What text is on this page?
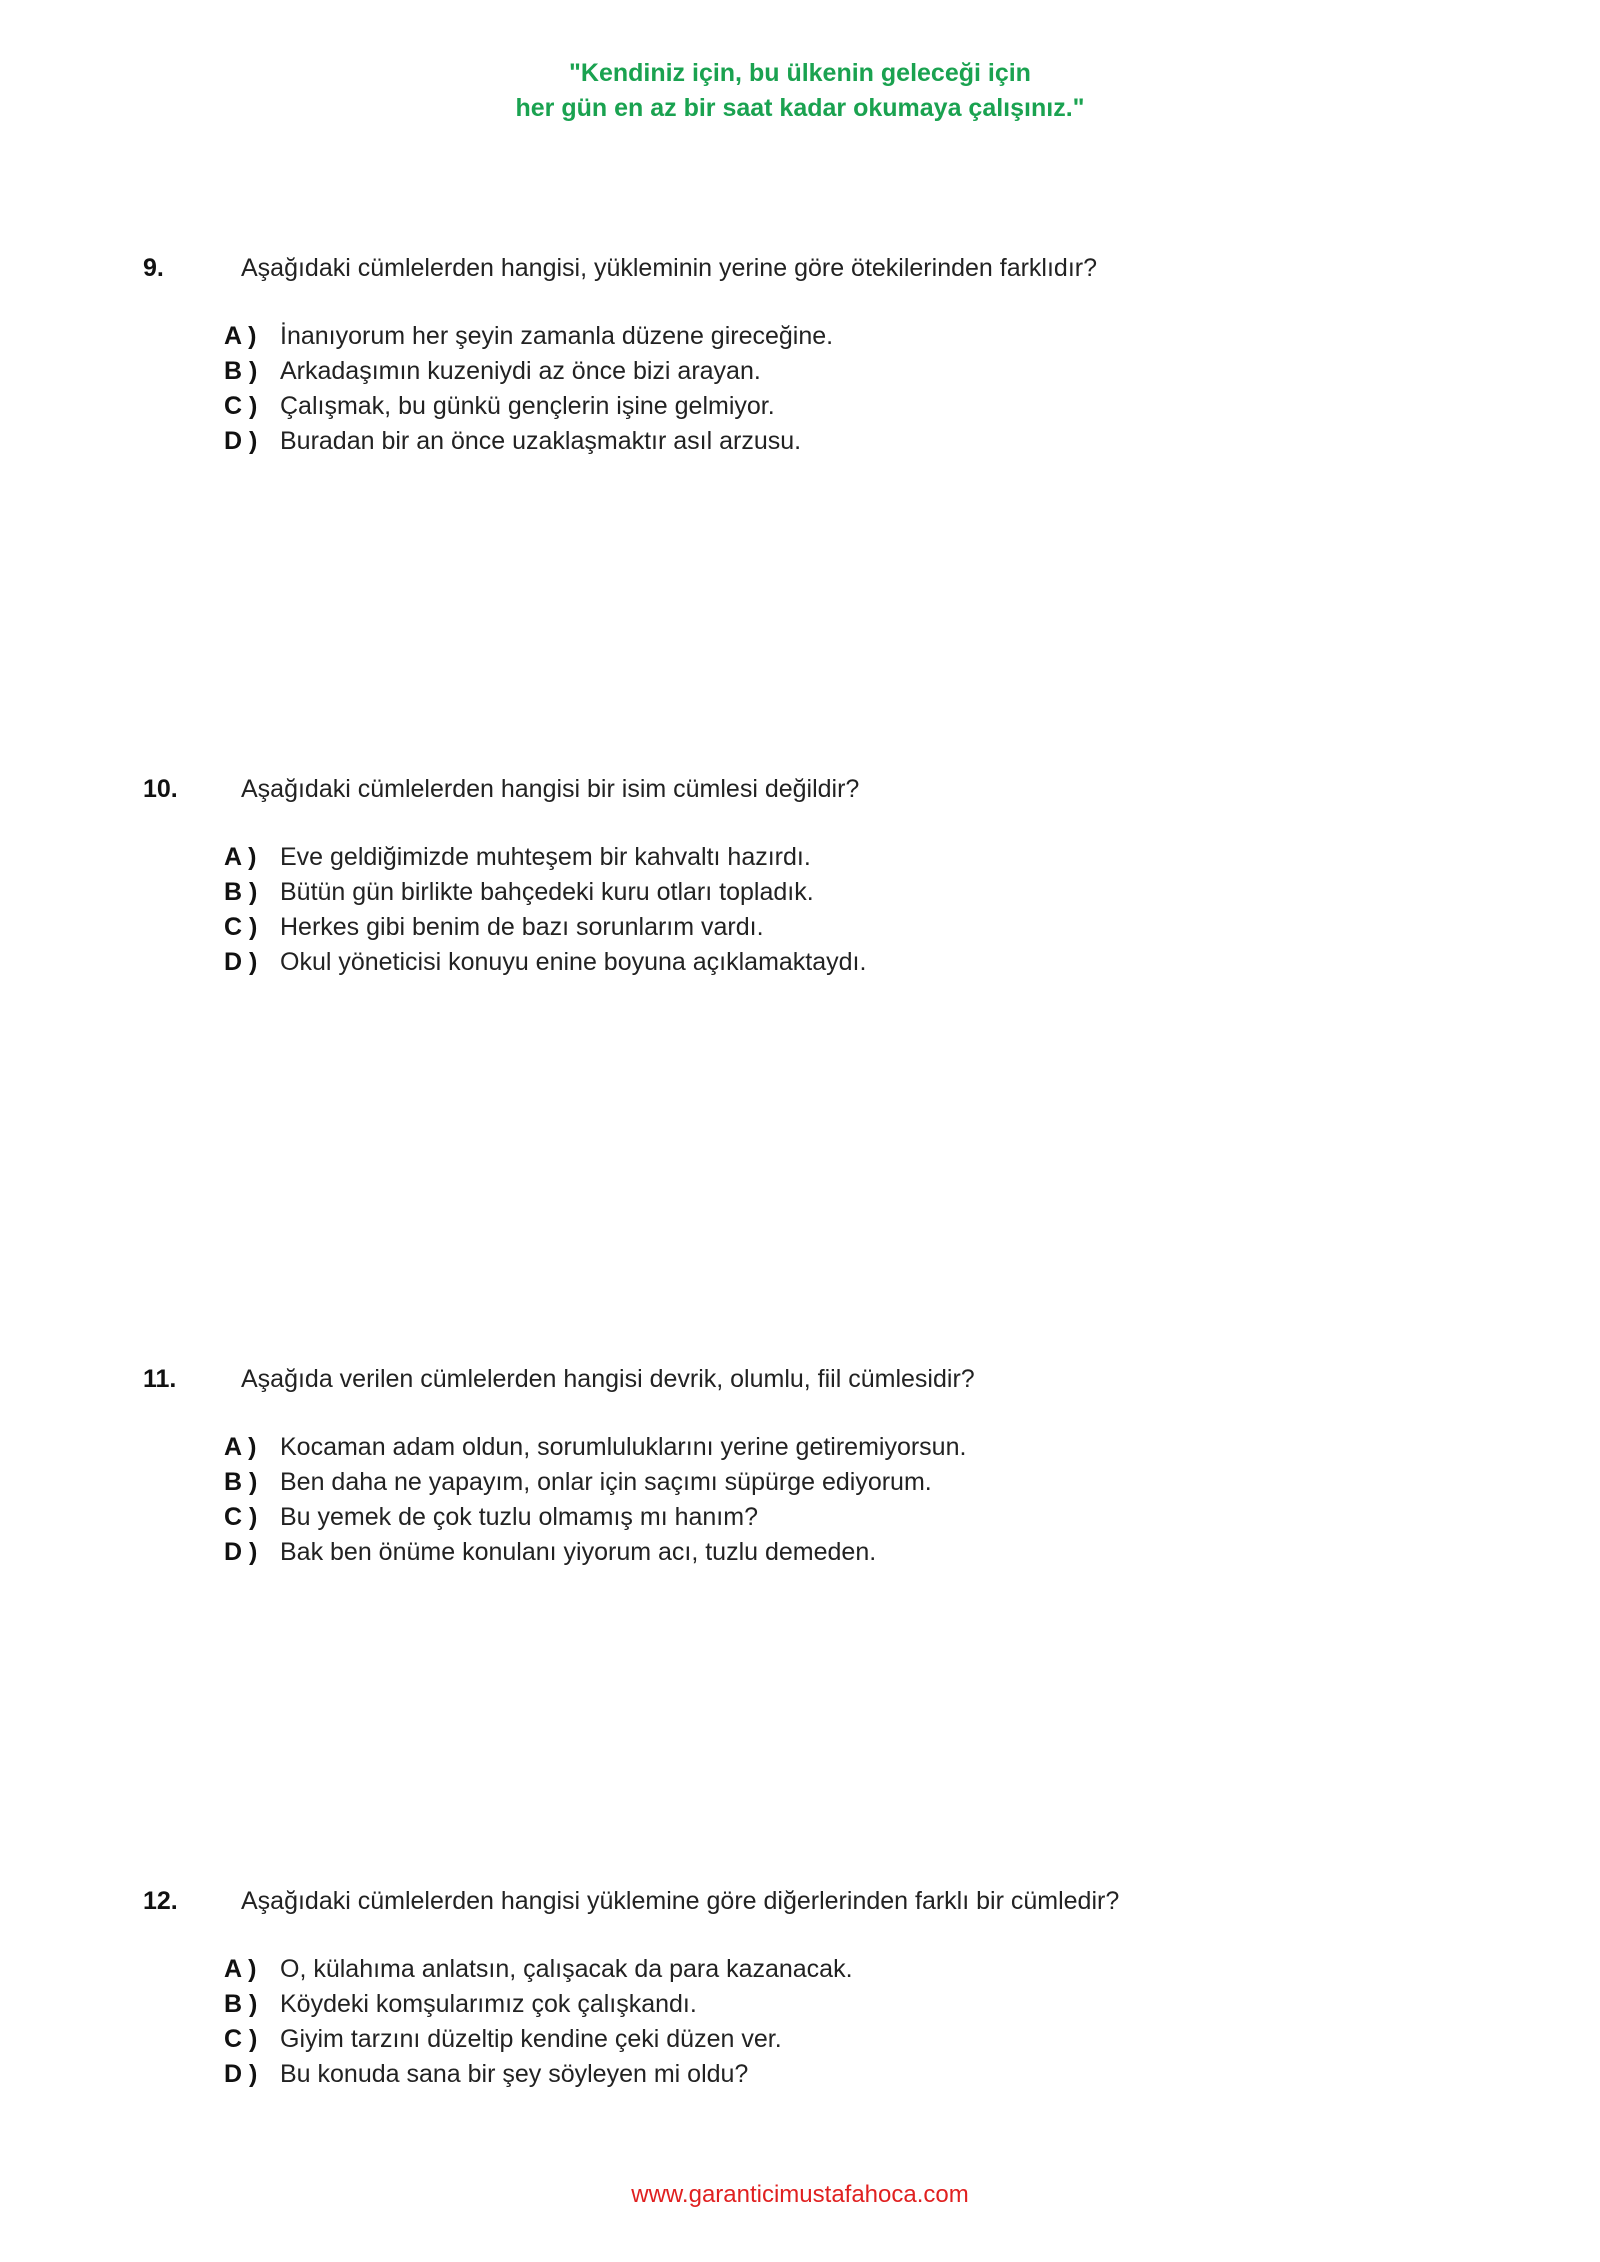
"Kendiniz için, bu ülkenin geleceği için
her gün en az bir saat kadar okumaya çalışınız."
9.	Aşağıdaki cümlelerden hangisi, yükleminin yerine göre ötekilerinden farklıdır?
A ) İnanıyorum her şeyin zamanla düzene gireceğine.
B ) Arkadaşımın kuzeniydi az önce bizi arayan.
C ) Çalışmak, bu günkü gençlerin işine gelmiyor.
D ) Buradan bir an önce uzaklaşmaktır asıl arzusu.
10.	Aşağıdaki cümlelerden hangisi bir isim cümlesi değildir?
A ) Eve geldiğimizde muhteşem bir kahvaltı hazırdı.
B ) Bütün gün birlikte bahçedeki kuru otları topladık.
C ) Herkes gibi benim de bazı sorunlarım vardı.
D ) Okul yöneticisi konuyu enine boyuna açıklamaktaydı.
11.	Aşağıda verilen cümlelerden hangisi devrik, olumlu, fiil cümlesidir?
A ) Kocaman adam oldun, sorumluluklarını yerine getiremiyorsun.
B ) Ben daha ne yapayım, onlar için saçımı süpürge ediyorum.
C ) Bu yemek de çok tuzlu olmamış mı hanım?
D ) Bak ben önüme konulanı yiyorum acı, tuzlu demeden.
12.	Aşağıdaki cümlelerden hangisi yüklemine göre diğerlerinden farklı bir cümledir?
A ) O, külahıma anlatsın, çalışacak da para kazanacak.
B ) Köydeki komşularımız çok çalışkandı.
C ) Giyim tarzını düzeltip kendine çeki düzen ver.
D ) Bu konuda sana bir şey söyleyen mi oldu?
www.garanticimustafahoca.com
